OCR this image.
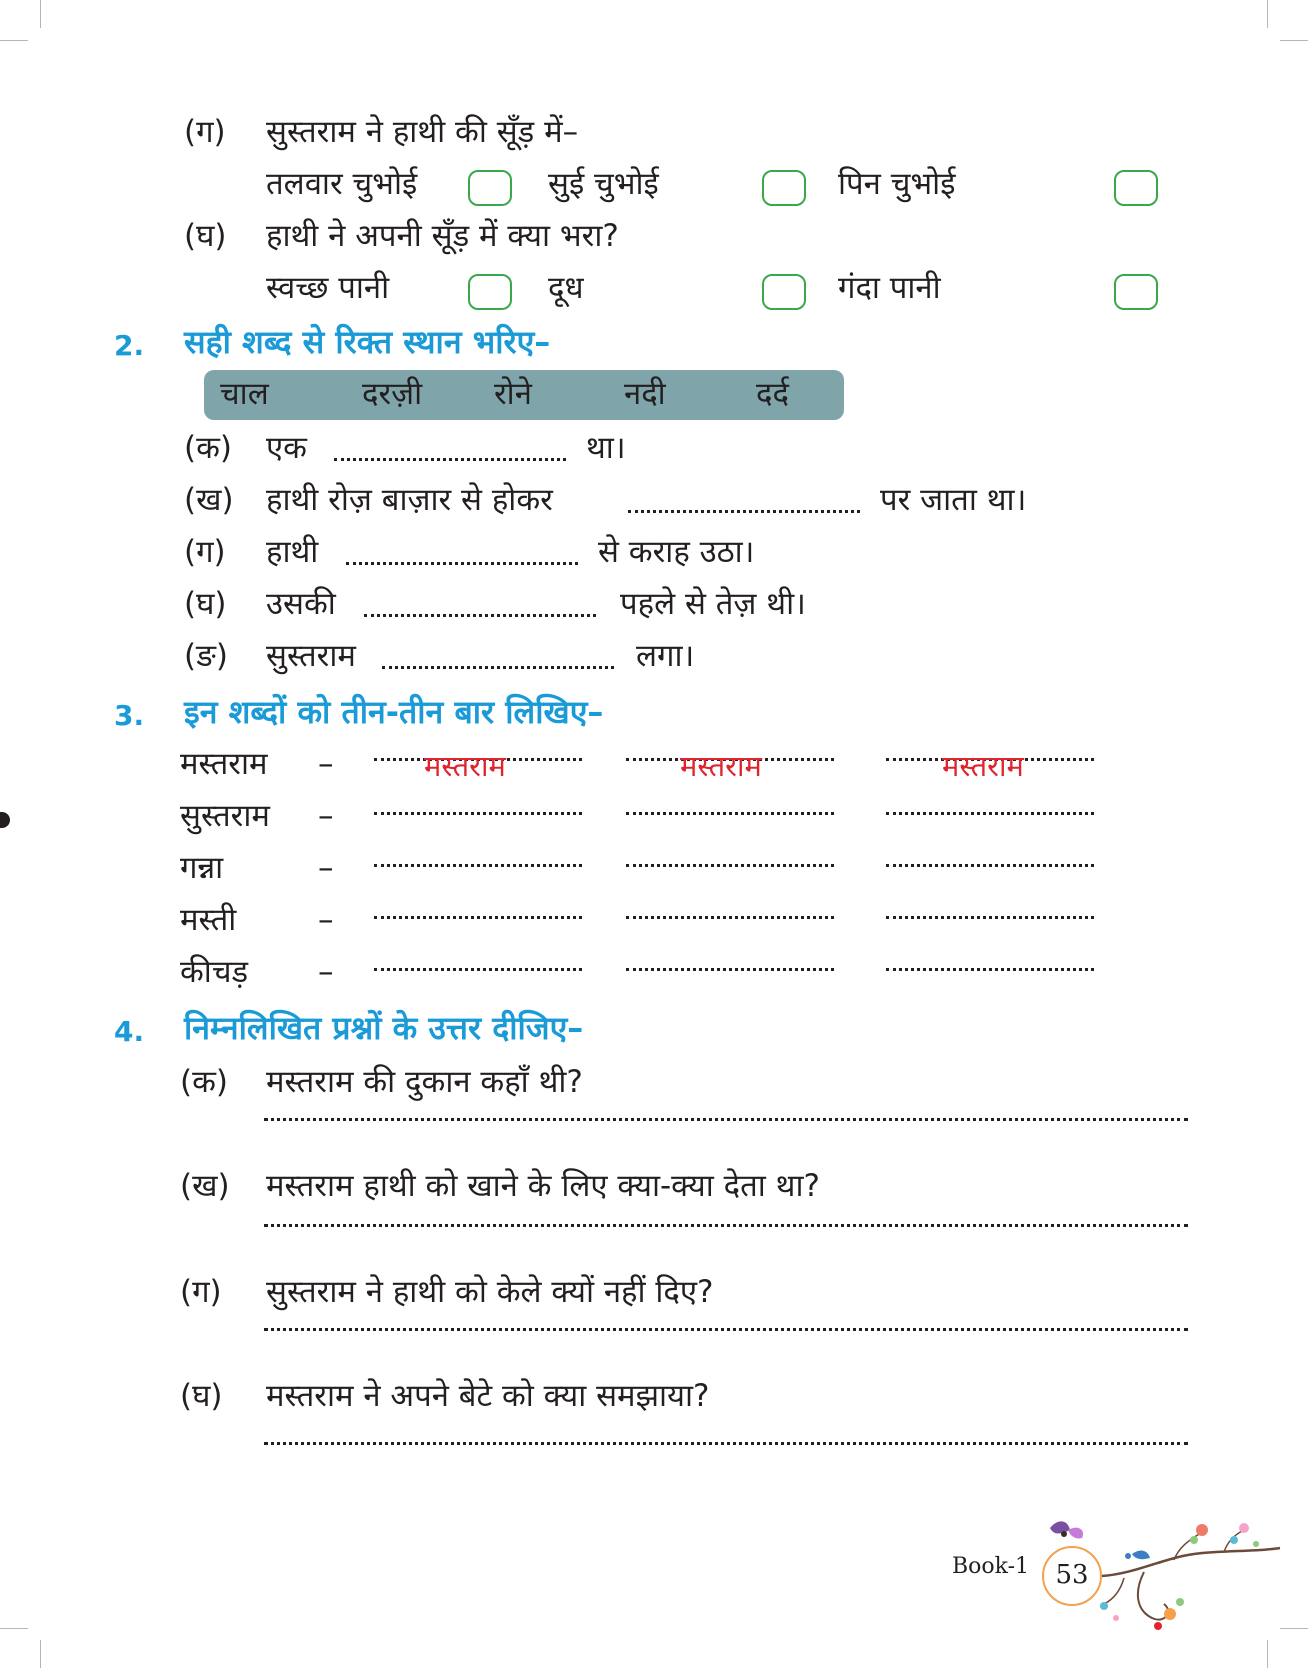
(ग) सुस्तराम ने हाथी की सूँड़ में–
तलवार चुभोई	सुई चुभोई	पिन चुभोई
(घ) हाथी ने अपनी सूँड़ में क्या भरा?
स्वच्छ पानी	दूध	गंदा पानी
2. सही शब्द से रिक्त स्थान भरिए–
चाल	दरज़ी रोने	नदी	दर्द
(क) एक	था।
(ख) हाथी रोज़ बाज़ार से होकर	पर जाता था।
(ग) हाथी	से कराह उठा।
(घ) उसकी	पहले से तेज़ थी।
(ङ) सुस्तराम	लगा।
3. इन शब्दों को तीन-तीन बार लिखिए–
मस्तराम –	मस्तराम	मस्तराम	मस्तराम
सुस्तराम –
गन्ना	–
मस्ती	–
कीचड़ –
4. निम्नलिखित प्रश्नों के उत्तर दीजिए–
(क) मस्तराम की दुकान कहाँ थी?
(ख) मस्तराम हाथी को खाने के लिए क्या-क्या देता था?
(ग) सुस्तराम ने हाथी को केले क्यों नहीं दिए?
(घ) मस्तराम ने अपने बेटे को क्या समझाया?
Book-1	53
